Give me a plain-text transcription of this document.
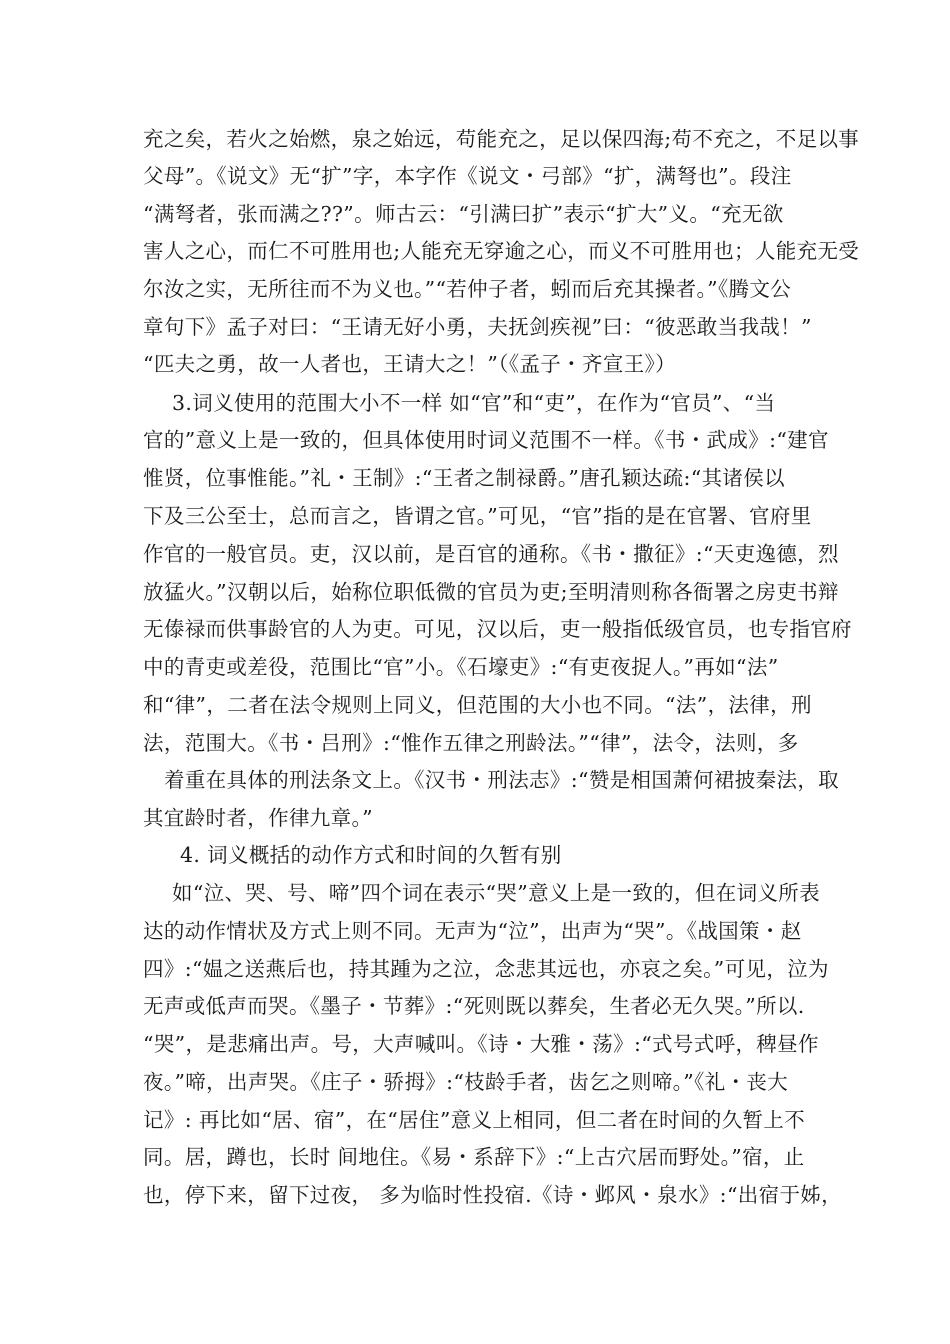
充之矣，若火之始燃，泉之始远，苟能充之，足以保四海;苟不充之，不足以事
父母”。《说文》无“扩”字，本字作《说文・弓部》“扩，满弩也”。段注
“满弩者，张而满之??”。师古云：“引满曰扩”表示“扩大”义。“充无欲
害人之心，而仁不可胜用也;人能充无穿逾之心，而义不可胜用也；人能充无受
尔汝之实，无所往而不为义也。”“若仲子者，蚓而后充其操者。”《腾文公
章句下》孟子对曰：“王请无好小勇，夫抚剑疾视”曰：“彼恶敢当我哉！”
“匹夫之勇，故一人者也，王请大之！”（《孟子・齐宣王》）
3.词义使用的范围大小不一样 如“官”和“吏”，在作为“官员”、“当
官的”意义上是一致的，但具体使用时词义范围不一样。《书・武成》:“建官
惟贤，位事惟能。”礼・王制》:“王者之制禄爵。”唐孔颖达疏:“其诸侯以
下及三公至士，总而言之，皆谓之官。”可见，“官”指的是在官署、官府里
作官的一般官员。吏，汉以前，是百官的通称。《书・撒征》:“天吏逸德，烈
放猛火。”汉朝以后，始称位职低微的官员为吏;至明清则称各衙署之房吏书辩
无傣禄而供事龄官的人为吏。可见，汉以后，吏一般指低级官员，也专指官府
中的青吏或差役，范围比“官”小。《石壕吏》:“有吏夜捉人。”再如“法”
和“律”，二者在法令规则上同义，但范围的大小也不同。“法”，法律，刑
法，范围大。《书・吕刑》:“惟作五律之刑龄法。”“律”，法令，法则，多
着重在具体的刑法条文上。《汉书・刑法志》:“赞是相国萧何裙披秦法，取
其宜龄时者，作律九章。”
4. 词义概括的动作方式和时间的久暂有别
如“泣、哭、号、啼”四个词在表示“哭”意义上是一致的，但在词义所表
达的动作情状及方式上则不同。无声为“泣”，出声为“哭”。《战国策・赵
四》:“媪之送燕后也，持其踵为之泣，念悲其远也，亦哀之矣。”可见，泣为
无声或低声而哭。《墨子・节葬》:“死则既以葬矣，生者必无久哭。”所以.
“哭”，是悲痛出声。号，大声喊叫。《诗・大雅・荡》:“式号式呼，稗昼作
夜。”啼，出声哭。《庄子・骄拇》:“枝龄手者，齿乞之则啼。”《礼・丧大
记》: 再比如“居、宿”，在“居住”意义上相同，但二者在时间的久暂上不
同。居，蹲也，长时 间地住。《易・系辞下》:“上古穴居而野处。”宿，止
也，停下来，留下过夜， 多为临时性投宿.《诗・邺风・泉水》:“出宿于姊，
